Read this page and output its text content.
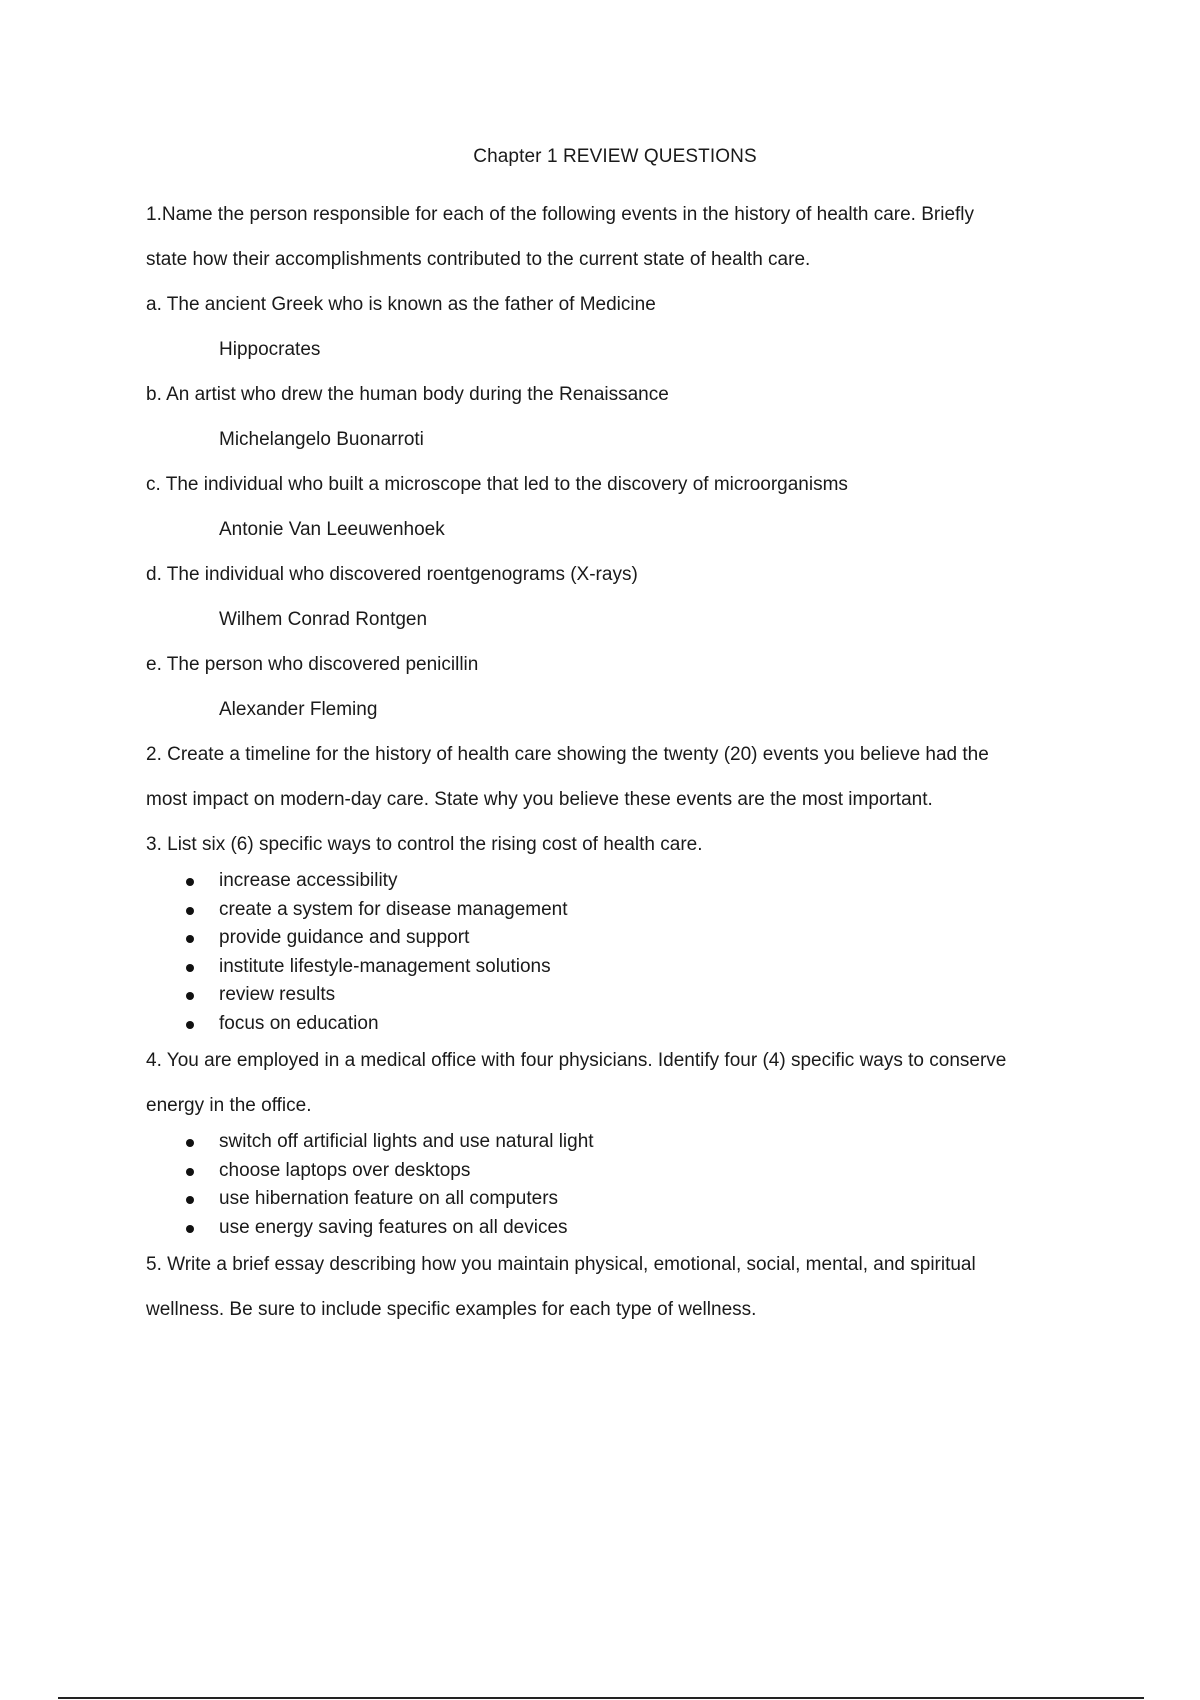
Chapter 1 REVIEW QUESTIONS
1.Name the person responsible for each of the following events in the history of health care. Briefly
state how their accomplishments contributed to the current state of health care.
a. The ancient Greek who is known as the father of Medicine
Hippocrates
b. An artist who drew the human body during the Renaissance
Michelangelo Buonarroti
c. The individual who built a microscope that led to the discovery of microorganisms
Antonie Van Leeuwenhoek
d. The individual who discovered roentgenograms (X-rays)
Wilhem Conrad Rontgen
e. The person who discovered penicillin
Alexander Fleming
2. Create a timeline for the history of health care showing the twenty (20) events you believe had the
most impact on modern-day care. State why you believe these events are the most important.
3. List six (6) specific ways to control the rising cost of health care.
increase accessibility
create a system for disease management
provide guidance and support
institute lifestyle-management solutions
review results
focus on education
4. You are employed in a medical office with four physicians. Identify four (4) specific ways to conserve
energy in the office.
switch off artificial lights and use natural light
choose laptops over desktops
use hibernation feature on all computers
use energy saving features on all devices
5. Write a brief essay describing how you maintain physical, emotional, social, mental, and spiritual
wellness. Be sure to include specific examples for each type of wellness.
